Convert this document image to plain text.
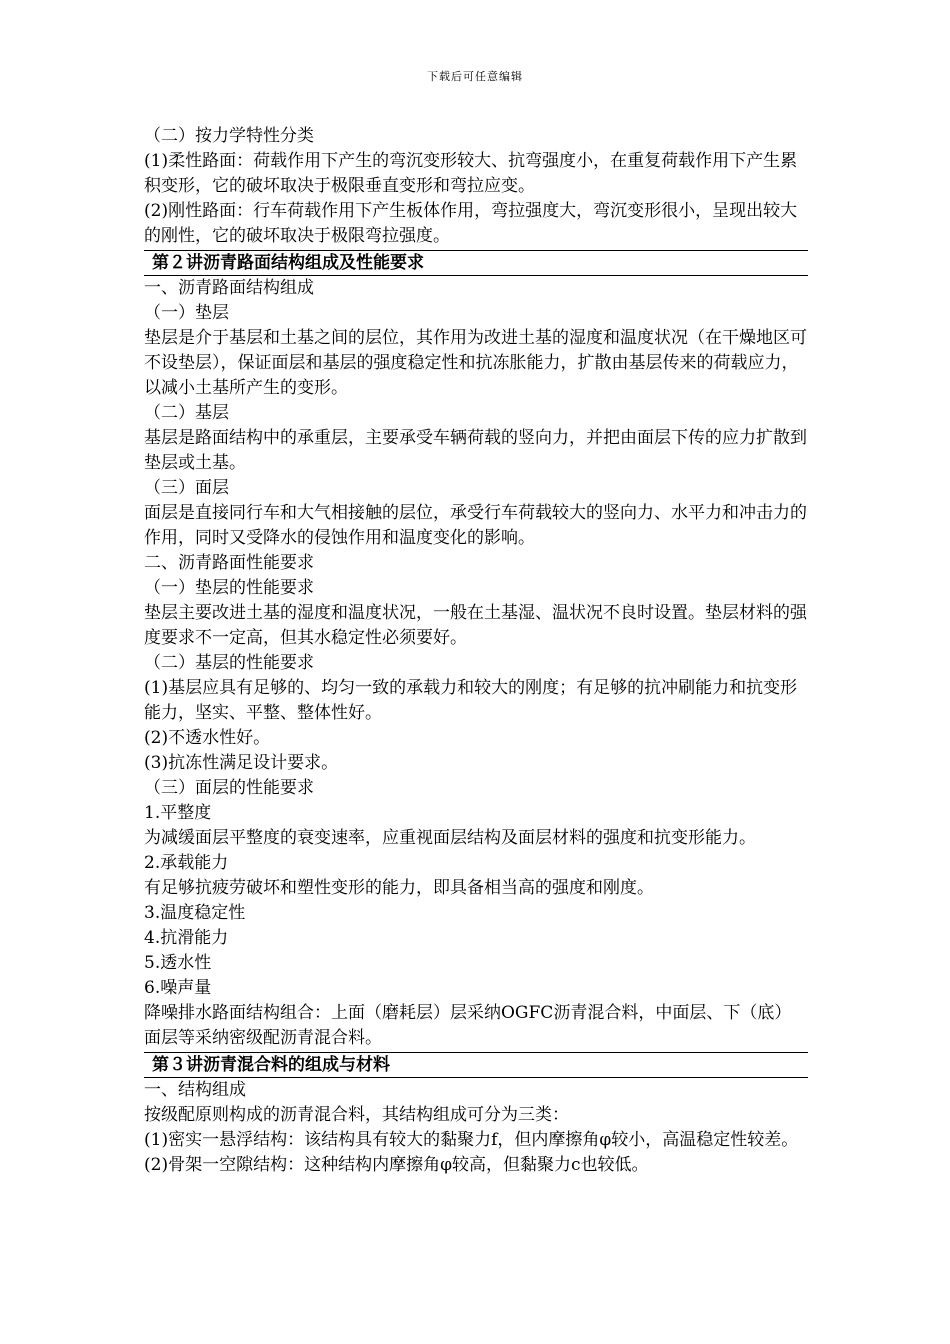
下载后可任意编辑
（二）按力学特性分类
(1)柔性路面：荷载作用下产生的弯沉变形较大、抗弯强度小，在重复荷载作用下产生累积变形，它的破坏取决于极限垂直变形和弯拉应变。
(2)刚性路面：行车荷载作用下产生板体作用，弯拉强度大，弯沉变形很小，呈现出较大的刚性，它的破坏取决于极限弯拉强度。
第２讲沥青路面结构组成及性能要求
一、沥青路面结构组成
（一）垫层
垫层是介于基层和土基之间的层位，其作用为改进土基的湿度和温度状况（在干燥地区可不设垫层），保证面层和基层的强度稳定性和抗冻胀能力，扩散由基层传来的荷载应力，以减小土基所产生的变形。
（二）基层
基层是路面结构中的承重层，主要承受车辆荷载的竖向力，并把由面层下传的应力扩散到垫层或土基。
（三）面层
面层是直接同行车和大气相接触的层位，承受行车荷载较大的竖向力、水平力和冲击力的作用，同时又受降水的侵蚀作用和温度变化的影响。
二、沥青路面性能要求
（一）垫层的性能要求
垫层主要改进土基的湿度和温度状况，一般在土基湿、温状况不良时设置。垫层材料的强度要求不一定高，但其水稳定性必须要好。
（二）基层的性能要求
(1)基层应具有足够的、均匀一致的承载力和较大的刚度；有足够的抗冲刷能力和抗变形能力，坚实、平整、整体性好。
(2)不透水性好。
(3)抗冻性满足设计要求。
（三）面层的性能要求
1.平整度
为减缓面层平整度的衰变速率，应重视面层结构及面层材料的强度和抗变形能力。
2.承载能力
有足够抗疲劳破坏和塑性变形的能力，即具备相当高的强度和刚度。
3.温度稳定性
4.抗滑能力
5.透水性
6.噪声量
降噪排水路面结构组合：上面（磨耗层）层采纳OGFC沥青混合料，中面层、下（底）面层等采纳密级配沥青混合料。
第３讲沥青混合料的组成与材料
一、结构组成
按级配原则构成的沥青混合料，其结构组成可分为三类：
(1)密实一悬浮结构：该结构具有较大的黏聚力f，但内摩擦角φ较小，高温稳定性较差。
(2)骨架一空隙结构：这种结构内摩擦角φ较高，但黏聚力c也较低。
